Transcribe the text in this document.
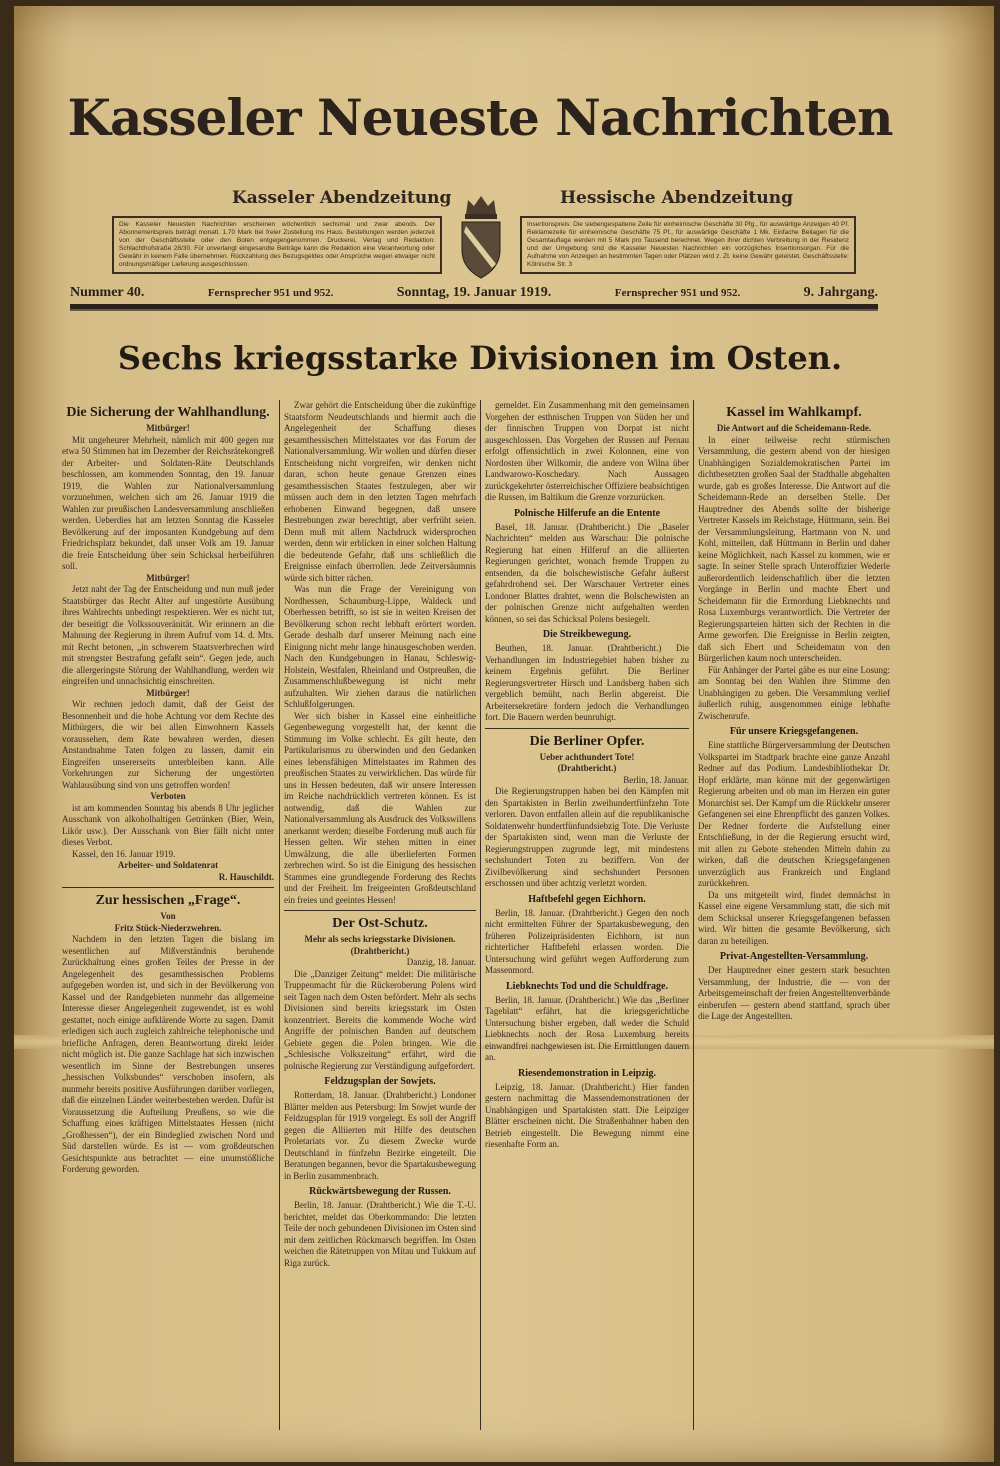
Kasseler Neueste Nachrichten
Kasseler Abendzeitung	Hessische Abendzeitung
Die Kasseler Neuesten Nachrichten erscheinen wöchentlich sechsmal und zwar abends. Der Abonnementspreis beträgt monatl. 1.70 Mark bei freier Zustellung ins Haus. Bestellungen werden jederzeit von der Geschäftsstelle oder den Boten entgegengenommen. Druckerei, Verlag und Redaktion: Schlachthofstraße 28/30. Für unverlangt eingesandte Beiträge kann die Redaktion eine Verantwortung oder Gewähr in keinem Falle übernehmen. Rückzahlung des Bezugsgeldes oder Ansprüche wegen etwaiger nicht ordnungsmäßiger Lieferung ausgeschlossen.
Insertionspreis: Die siebengespaltene Zeile für einheimische Geschäfte 30 Pfg., für auswärtige Anzeigen 40 Pf. Reklamezeile für einheimische Geschäfte 75 Pf., für auswärtige Geschäfte 1 Mk. Einfache Beilagen für die Gesamtauflage werden mit 5 Mark pro Tausend berechnet. Wegen ihrer dichten Verbreitung in der Residenz und der Umgebung sind die Kasseler Neuesten Nachrichten ein vorzügliches Insertionsorgan. Für die Aufnahme von Anzeigen an bestimmten Tagen oder Plätzen wird z. Zt. keine Gewähr geleistet. Geschäftsstelle: Kölnische Str. 3
Nummer 40.	Fernsprecher 951 und 952.	Sonntag, 19. Januar 1919.	Fernsprecher 951 und 952.	9. Jahrgang.
Sechs kriegsstarke Divisionen im Osten.
Die Sicherung der Wahlhandlung.

Mitbürger!

Mit ungeheurer Mehrheit, nämlich mit 400 gegen nur etwa 50 Stimmen hat im Dezember der Reichsrätekongreß der Arbeiter- und Soldaten-Räte Deutschlands beschlossen, am kommenden Sonntag, den 19. Januar 1919, die Wahlen zur Nationalversammlung vorzunehmen, welchen sich am 26. Januar 1919 die Wahlen zur preußischen Landesversammlung anschließen werden. Ueberdies hat am letzten Sonntag die Kasseler Bevölkerung auf der imposanten Kundgebung auf dem Friedrichsplatz bekundet, daß unser Volk am 19. Januar die freie Entscheidung über sein Schicksal herbeiführen soll.

Mitbürger!

Jetzt naht der Tag der Entscheidung und nun muß jeder Staatsbürger das Recht Alter auf ungestörte Ausübung ihres Wahlrechts unbedingt respektieren. Wer es nicht tut, der beseitigt die Volkssouveränität. Wir erinnern an die Mahnung der Regierung in ihrem Aufruf vom 14. d. Mts. mit Recht betonen, „in schwerem Staatsverbrechen wird mit strengster Bestrafung gefaßt sein“. Gegen jede, auch die allergeringste Störung der Wahlhandlung, werden wir eingreifen und unnachsichtig einschreiten.

Mitbürger!

Wir rechnen jedoch damit, daß der Geist der Besonnenheit und die hohe Achtung vor dem Rechte des Mitbürgers, die wir bei allen Einwohnern Kassels voraussehen, dem Rate bewahren werden, diesen Anstandnahme Taten folgen zu lassen, damit ein Eingreifen unsererseits unterbleiben kann. Alle Vorkehrungen zur Sicherung der ungestörten Wahlausübung sind von uns getroffen worden!

Verboten

ist am kommenden Sonntag bis abends 8 Uhr jeglicher Ausschank von alkoholhaltigen Getränken (Bier, Wein, Likör usw.). Der Ausschank von Bier fällt nicht unter dieses Verbot.

Kassel, den 16. Januar 1919.

Arbeiter- und Soldatenrat

R. Hauschildt.

Zur hessischen „Frage“.

Von

Fritz Stück-Niederzwehren.

Nachdem in den letzten Tagen die bislang im wesentlichen auf Mißverständnis beruhende Zurückhaltung eines großen Teiles der Presse in der Angelegenheit des gesamthessischen Problems aufgegeben worden ist, und sich in der Bevölkerung von Kassel und der Randgebieten nunmehr das allgemeine Interesse dieser Angelegenheit zugewendet, ist es wohl gestattet, noch einige aufklärende Worte zu sagen. Damit erledigen sich auch zugleich zahlreiche telephonische und briefliche Anfragen, deren Beantwortung direkt leider nicht möglich ist. Die ganze Sachlage hat sich inzwischen wesentlich im Sinne der Bestrebungen unseres „hessischen Volksbundes“ verschoben insofern, als nunmehr bereits positive Ausführungen darüber vorliegen, daß die einzelnen Länder weiterbestehen werden. Dafür ist Voraussetzung die Aufteilung Preußens, so wie die Schaffung eines kräftigen Mittelstaates Hessen (nicht „Großhessen“), der ein Bindeglied zwischen Nord und Süd darstellen würde. Es ist — vom großdeutschen Gesichtspunkte aus betrachtet — eine unumstößliche Forderung geworden.

Zwar gehört die Entscheidung über die zukünftige Staatsform Neudeutschlands und hiermit auch die Angelegenheit der Schaffung dieses gesamthessischen Mittelstaates vor das Forum der Nationalversammlung. Wir wollen und dürfen dieser Entscheidung nicht vorgreifen, wir denken nicht daran, schon heute genaue Grenzen eines gesamthessischen Staates festzulegen, aber wir müssen auch dem in den letzten Tagen mehrfach erhobenen Einwand begegnen, daß unsere Bestrebungen zwar berechtigt, aber verfrüht seien. Denn muß mit allem Nachdruck widersprochen werden, denn wir erblicken in einer solchen Haltung die bedeutende Gefahr, daß uns schließlich die Ereignisse einfach überrollen. Jede Zeitversäumnis würde sich bitter rächen.

Was nun die Frage der Vereinigung von Nordhessen, Schaumburg-Lippe, Waldeck und Oberhessen betrifft, so ist sie in weiten Kreisen der Bevölkerung schon recht lebhaft erörtert worden. Gerade deshalb darf unserer Meinung nach eine Einigung nicht mehr lange hinausgeschoben werden. Nach den Kundgebungen in Hanau, Schleswig-Holstein, Westfalen, Rheinland und Ostpreußen, die Zusammenschlußbewegung ist nicht mehr aufzuhalten. Wir ziehen daraus die natürlichen Schlußfolgerungen.

Wer sich bisher in Kassel eine einheitliche Gegenbewegung vorgestellt hat, der kennt die Stimmung im Volke schlecht. Es gilt heute, den Partikularismus zu überwinden und den Gedanken eines lebensfähigen Mittelstaates im Rahmen des preußischen Staates zu verwirklichen. Das würde für uns in Hessen bedeuten, daß wir unsere Interessen im Reiche nachdrücklich vertreten können. Es ist notwendig, daß die Wahlen zur Nationalversammlung als Ausdruck des Volkswillens anerkannt werden; dieselbe Forderung muß auch für Hessen gelten. Wir stehen mitten in einer Umwälzung, die alle überlieferten Formen zerbrechen wird. So ist die Einigung des hessischen Stammes eine grundlegende Forderung des Rechts und der Freiheit. Im freigeeinten Großdeutschland ein freies und geeintes Hessen!

Der Ost-Schutz.

Mehr als sechs kriegsstarke Divisionen.

(Drahtbericht.)

Danzig, 18. Januar.

Die „Danziger Zeitung“ meldet: Die militärische Truppenmacht für die Rückeroberung Polens wird seit Tagen nach dem Osten befördert. Mehr als sechs Divisionen sind bereits kriegsstark im Osten konzentriert. Bereits die kommende Woche wird Angriffe der polnischen Banden auf deutschem Gebiete gegen die Polen bringen. Wie die „Schlesische Volkszeitung“ erfährt, wird die polnische Regierung zur Verständigung aufgefordert.

Feldzugsplan der Sowjets.

Rotterdam, 18. Januar. (Drahtbericht.) Londoner Blätter melden aus Petersburg: Im Sowjet wurde der Feldzugsplan für 1919 vorgelegt. Es soll der Angriff gegen die Alliierten mit Hilfe des deutschen Proletariats vor. Zu diesem Zwecke wurde Deutschland in fünfzehn Bezirke eingeteilt. Die Beratungen begannen, bevor die Spartakusbewegung in Berlin zusammenbrach.

Rückwärtsbewegung der Russen.

Berlin, 18. Januar. (Drahtbericht.) Wie die T.-U. berichtet, meldet das Oberkommando: Die letzten Teile der noch gebundenen Divisionen im Osten sind mit dem zeitlichen Rückmarsch begriffen. Im Osten weichen die Rätetruppen von Mitau und Tukkum auf Riga zurück.

gemeldet. Ein Zusammenhang mit den gemeinsamen Vorgehen der esthnischen Truppen von Süden her und der finnischen Truppen von Dorpat ist nicht ausgeschlossen. Das Vorgehen der Russen auf Pernau erfolgt offensichtlich in zwei Kolonnen, eine von Nordosten über Wilkomir, die andere von Wilna über Landwarowo-Koschedary. Nach Aussagen zurückgekehrter österreichischer Offiziere beabsichtigen die Russen, im Baltikum die Grenze vorzurücken.

Polnische Hilferufe an die Entente

Basel, 18. Januar. (Drahtbericht.) Die „Baseler Nachrichten“ melden aus Warschau: Die polnische Regierung hat einen Hilferuf an die alliierten Regierungen gerichtet, wonach fremde Truppen zu entsenden, da die bolschewistische Gefahr äußerst gefahrdrohend sei. Der Warschauer Vertreter eines Londoner Blattes drahtet, wenn die Bolschewisten an der polnischen Grenze nicht aufgehalten werden können, so sei das Schicksal Polens besiegelt.

Die Streikbewegung.

Beuthen, 18. Januar. (Drahtbericht.) Die Verhandlungen im Industriegebiet haben bisher zu keinem Ergebnis geführt. Die Berliner Regierungsvertreter Hirsch und Landsberg haben sich vergeblich bemüht, nach Berlin abgereist. Die Arbeitersekretäre fordern jedoch die Verhandlungen fort. Die Bauern werden beunruhigt.

Die Berliner Opfer.

Ueber achthundert Tote!

(Drahtbericht.)

Berlin, 18. Januar.

Die Regierungstruppen haben bei den Kämpfen mit den Spartakisten in Berlin zweihundertfünfzehn Tote verloren. Davon entfallen allein auf die republikanische Soldatenwehr hundertfünfundsiebzig Tote. Die Verluste der Spartakisten sind, wenn man die Verluste der Regierungstruppen zugrunde legt, mit mindestens sechshundert Toten zu beziffern. Von der Zivilbevölkerung sind sechshundert Personen erschossen und über achtzig verletzt worden.

Haftbefehl gegen Eichhorn.

Berlin, 18. Januar. (Drahtbericht.) Gegen den noch nicht ermittelten Führer der Spartakusbewegung, den früheren Polizeipräsidenten Eichhorn, ist nun richterlicher Haftbefehl erlassen worden. Die Untersuchung wird geführt wegen Aufforderung zum Massenmord.

Liebknechts Tod und die Schuldfrage.

Berlin, 18. Januar. (Drahtbericht.) Wie das „Berliner Tageblatt“ erfährt, hat die kriegsgerichtliche Untersuchung bisher ergeben, daß weder die Schuld Liebknechts noch der Rosa Luxemburg bereits einwandfrei nachgewiesen ist. Die Ermittlungen dauern an.

Riesendemonstration in Leipzig.

Leipzig, 18. Januar. (Drahtbericht.) Hier fanden gestern nachmittag die Massendemonstrationen der Unabhängigen und Spartakisten statt. Die Leipziger Blätter erscheinen nicht. Die Straßenbahner haben den Betrieb eingestellt. Die Bewegung nimmt eine riesenhafte Form an.

Kassel im Wahlkampf.

Die Antwort auf die Scheidemann-Rede.

In einer teilweise recht stürmischen Versammlung, die gestern abend von der hiesigen Unabhängigen Sozialdemokratischen Partei im dichtbesetzten großen Saal der Stadthalle abgehalten wurde, gab es großes Interesse. Die Antwort auf die Scheidemann-Rede an derselben Stelle. Der Hauptredner des Abends sollte der bisherige Vertreter Kassels im Reichstage, Hüttmann, sein. Bei der Versammlungsleitung, Hartmann von N. und Kohl, mitteilen, daß Hüttmann in Berlin und daher keine Möglichkeit, nach Kassel zu kommen, wie er sagte. In seiner Stelle sprach Unteroffizier Wederle außerordentlich leidenschaftlich über die letzten Vorgänge in Berlin und machte Ebert und Scheidemann für die Ermordung Liebknechts und Rosa Luxemburgs verantwortlich. Die Vertreter der Regierungsparteien hätten sich der Rechten in die Arme geworfen. Die Ereignisse in Berlin zeigten, daß sich Ebert und Scheidemann von den Bürgerlichen kaum noch unterscheiden.

Für Anhänger der Partei gäbe es nur eine Losung: am Sonntag bei den Wahlen ihre Stimme den Unabhängigen zu geben. Die Versammlung verlief äußerlich ruhig, ausgenommen einige lebhafte Zwischenrufe.

Für unsere Kriegsgefangenen.

Eine stattliche Bürgerversammlung der Deutschen Volkspartei im Stadtpark brachte eine ganze Anzahl Redner auf das Podium. Landesbibliothekar Dr. Hopf erklärte, man könne mit der gegenwärtigen Regierung arbeiten und ob man im Herzen ein guter Monarchist sei. Der Kampf um die Rückkehr unserer Gefangenen sei eine Ehrenpflicht des ganzen Volkes. Der Redner forderte die Aufstellung einer Entschließung, in der die Regierung ersucht wird, mit allen zu Gebote stehenden Mitteln dahin zu wirken, daß die deutschen Kriegsgefangenen unverzüglich aus Frankreich und England zurückkehren.

Da uns mitgeteilt wird, findet demnächst in Kassel eine eigene Versammlung statt, die sich mit dem Schicksal unserer Kriegsgefangenen befassen wird. Wir bitten die gesamte Bevölkerung, sich daran zu beteiligen.

Privat-Angestellten-Versammlung.

Der Hauptredner einer gestern stark besuchten Versammlung, der Industrie, die — von der Arbeitsgemeinschaft der freien Angestelltenverbände einberufen — gestern abend stattfand, sprach über die Lage der Angestellten.
